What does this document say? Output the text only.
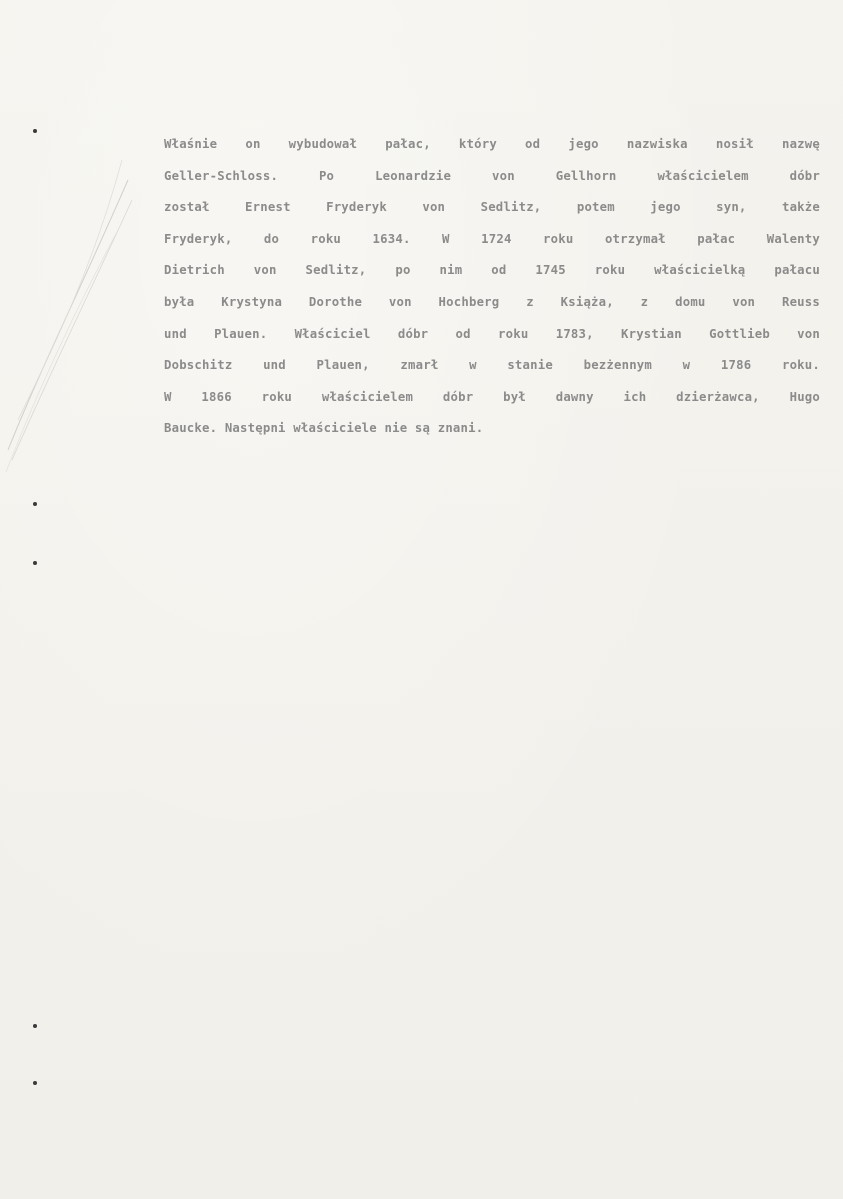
Właśnie on wybudował pałac, który od jego nazwiska nosił nazwę
Geller-Schloss. Po Leonardzie von Gellhorn właścicielem dóbr
został Ernest Fryderyk von Sedlitz, potem jego syn, także
Fryderyk, do roku 1634. W 1724 roku otrzymał pałac Walenty
Dietrich von Sedlitz, po nim od 1745 roku właścicielką pałacu
była Krystyna Dorothe von Hochberg z Książa, z domu von Reuss
und Plauen. Właściciel dóbr od roku 1783, Krystian Gottlieb von
Dobschitz und Plauen, zmarł w stanie bezżennym w 1786 roku.
W 1866 roku właścicielem dóbr był dawny ich dzierżawca, Hugo
Baucke. Następni właściciele nie są znani.
